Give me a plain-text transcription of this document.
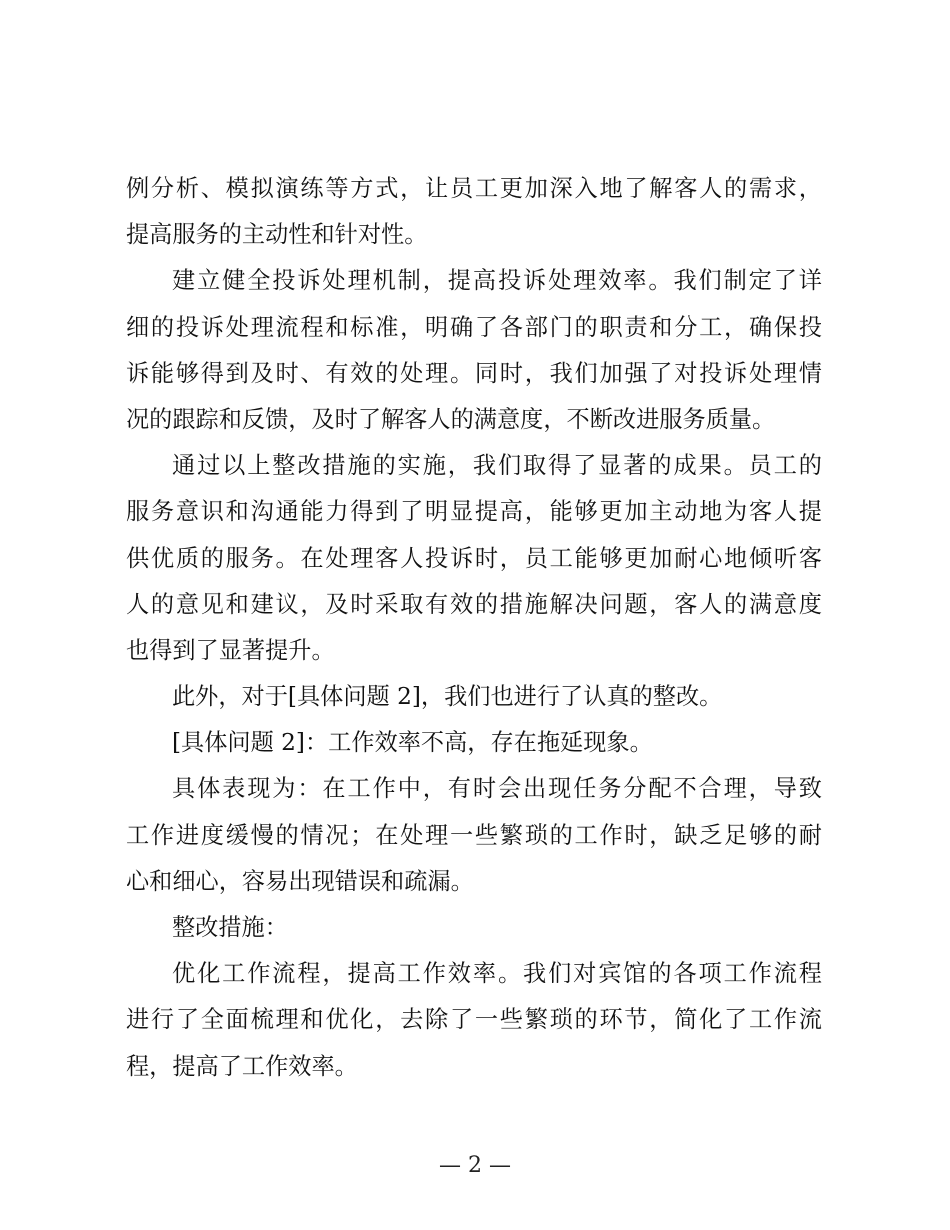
例分析、模拟演练等方式，让员工更加深入地了解客人的需求，
提高服务的主动性和针对性。
建立健全投诉处理机制，提高投诉处理效率。我们制定了详
细的投诉处理流程和标准，明确了各部门的职责和分工，确保投
诉能够得到及时、有效的处理。同时，我们加强了对投诉处理情
况的跟踪和反馈，及时了解客人的满意度，不断改进服务质量。
通过以上整改措施的实施，我们取得了显著的成果。员工的
服务意识和沟通能力得到了明显提高，能够更加主动地为客人提
供优质的服务。在处理客人投诉时，员工能够更加耐心地倾听客
人的意见和建议，及时采取有效的措施解决问题，客人的满意度
也得到了显著提升。
此外，对于[具体问题 2]，我们也进行了认真的整改。
[具体问题 2]：工作效率不高，存在拖延现象。
具体表现为：在工作中，有时会出现任务分配不合理，导致
工作进度缓慢的情况；在处理一些繁琐的工作时，缺乏足够的耐
心和细心，容易出现错误和疏漏。
整改措施：
优化工作流程，提高工作效率。我们对宾馆的各项工作流程
进行了全面梳理和优化，去除了一些繁琐的环节，简化了工作流
程，提高了工作效率。
— 2 —
